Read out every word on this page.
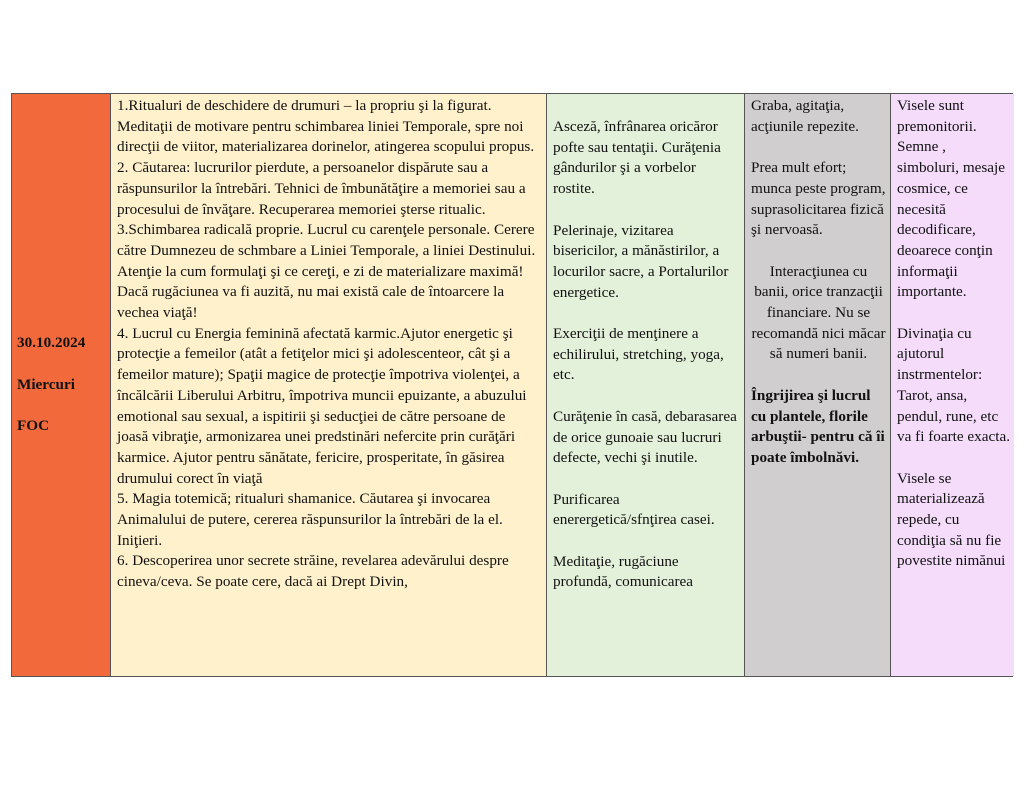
30.10.2024

Miercuri

FOC

1.Ritualuri de deschidere de drumuri – la propriu şi la figurat. Meditaţii de motivare pentru schimbarea liniei Temporale, spre noi direcţii de viitor, materializarea dorinelor, atingerea scopului propus.

2. Căutarea: lucrurilor pierdute, a persoanelor dispărute sau a răspunsurilor la întrebări. Tehnici de îmbunătăţire a memoriei sau a procesului de învăţare. Recuperarea memoriei şterse ritualic.

3.Schimbarea radicală proprie. Lucrul cu carenţele personale. Cerere către Dumnezeu de schmbare a Liniei Temporale, a liniei Destinului. Atenţie la cum formulaţi şi ce cereţi, e zi de materializare maximă! Dacă rugăciunea va fi auzită, nu mai există cale de întoarcere la vechea viaţă!

4. Lucrul cu Energia feminină afectată karmic.Ajutor energetic şi protecţie a femeilor (atât a fetiţelor mici şi adolescenteor, cât şi a femeilor mature); Spaţii magice de protecţie împotriva violenţei, a încălcării Liberului Arbitru, împotriva muncii epuizante, a abuzului emotional sau sexual, a ispitirii şi seducţiei de către persoane de joasă vibraţie, armonizarea unei predstinări nefercite prin curăţări karmice. Ajutor pentru sănătate, fericire, prosperitate, în găsirea drumului corect în viaţă

5. Magia totemică; ritualuri shamanice. Căutarea şi invocarea Animalului de putere, cererea răspunsurilor la întrebări de la el. Iniţieri.

6. Descoperirea unor secrete străine, revelarea adevărului despre cineva/ceva. Se poate cere, dacă ai Drept Divin,

Asceză, înfrânarea oricăror pofte sau tentaţii. Curăţenia gândurilor şi a vorbelor rostite.

Pelerinaje, vizitarea bisericilor, a mănăstirilor, a locurilor sacre, a Portalurilor energetice.

Exerciţii de menţinere a echilirului, stretching, yoga, etc.

Curăţenie în casă, debarasarea de orice gunoaie sau lucruri defecte, vechi şi inutile.

Purificarea enerergetică/sfnţirea casei.

Meditaţie, rugăciune profundă, comunicarea

Graba, agitaţia, acţiunile repezite.

Prea mult efort; munca peste program, suprasolicitarea fizică şi nervoasă.

Interacţiunea cu banii, orice tranzacţii financiare. Nu se recomandă nici măcar să numeri banii.

Îngrijirea şi lucrul cu plantele, florile arbuştii- pentru că îi poate îmbolnăvi.

Visele sunt premonitorii. Semne , simboluri, mesaje cosmice, ce necesită decodificare, deoarece conţin informaţii importante.

Divinaţia cu ajutorul instrmentelor: Tarot, ansa, pendul, rune, etc va fi foarte exacta.

Visele se materializează repede, cu condiţia să nu fie povestite nimănui
